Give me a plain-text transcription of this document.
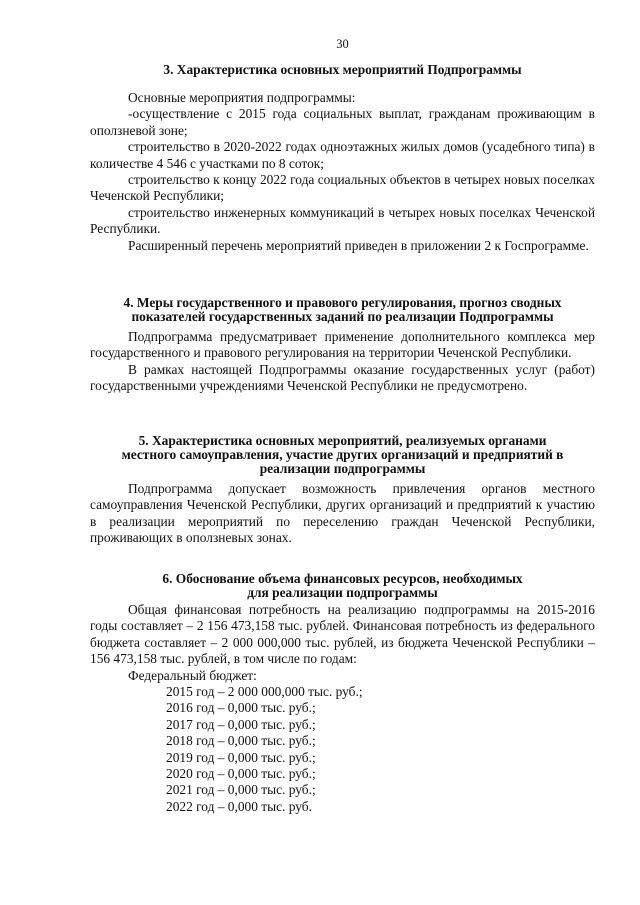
30

3. Характеристика основных мероприятий Подпрограммы

Основные мероприятия подпрограммы:

-осуществление с 2015 года социальных выплат, гражданам проживающим в оползневой зоне;

строительство в 2020-2022 годах одноэтажных жилых домов (усадебного типа) в количестве 4 546 с участками по 8 соток;

строительство к концу 2022 года социальных объектов в четырех новых поселках Чеченской Республики;

строительство инженерных коммуникаций в четырех новых поселках Чеченской Республики.

Расширенный перечень мероприятий приведен в приложении 2 к Госпрограмме.

4. Меры государственного и правового регулирования, прогноз сводных

показателей государственных заданий по реализации Подпрограммы

Подпрограмма предусматривает применение дополнительного комплекса мер государственного и правового регулирования на территории Чеченской Республики.

В рамках настоящей Подпрограммы оказание государственных услуг (работ) государственными учреждениями Чеченской Республики не предусмотрено.

5. Характеристика основных мероприятий, реализуемых органами

местного самоуправления, участие других организаций и предприятий в

реализации подпрограммы

Подпрограмма допускает возможность привлечения органов местного самоуправления Чеченской Республики, других организаций и предприятий к участию в реализации мероприятий по переселению граждан Чеченской Республики, проживающих в оползневых зонах.

6. Обоснование объема финансовых ресурсов, необходимых

для реализации подпрограммы

Общая финансовая потребность на реализацию подпрограммы на 2015-2016 годы составляет – 2 156 473,158 тыс. рублей. Финансовая потребность из федерального бюджета составляет – 2 000 000,000 тыс. рублей, из бюджета Чеченской Республики – 156 473,158 тыс. рублей, в том числе по годам:

Федеральный бюджет:

2015 год – 2 000 000,000 тыс. руб.;
2016 год – 0,000 тыс. руб.;
2017 год – 0,000 тыс. руб.;
2018 год – 0,000 тыс. руб.;
2019 год – 0,000 тыс. руб.;
2020 год – 0,000 тыс. руб.;
2021 год – 0,000 тыс. руб.;
2022 год – 0,000 тыс. руб.
